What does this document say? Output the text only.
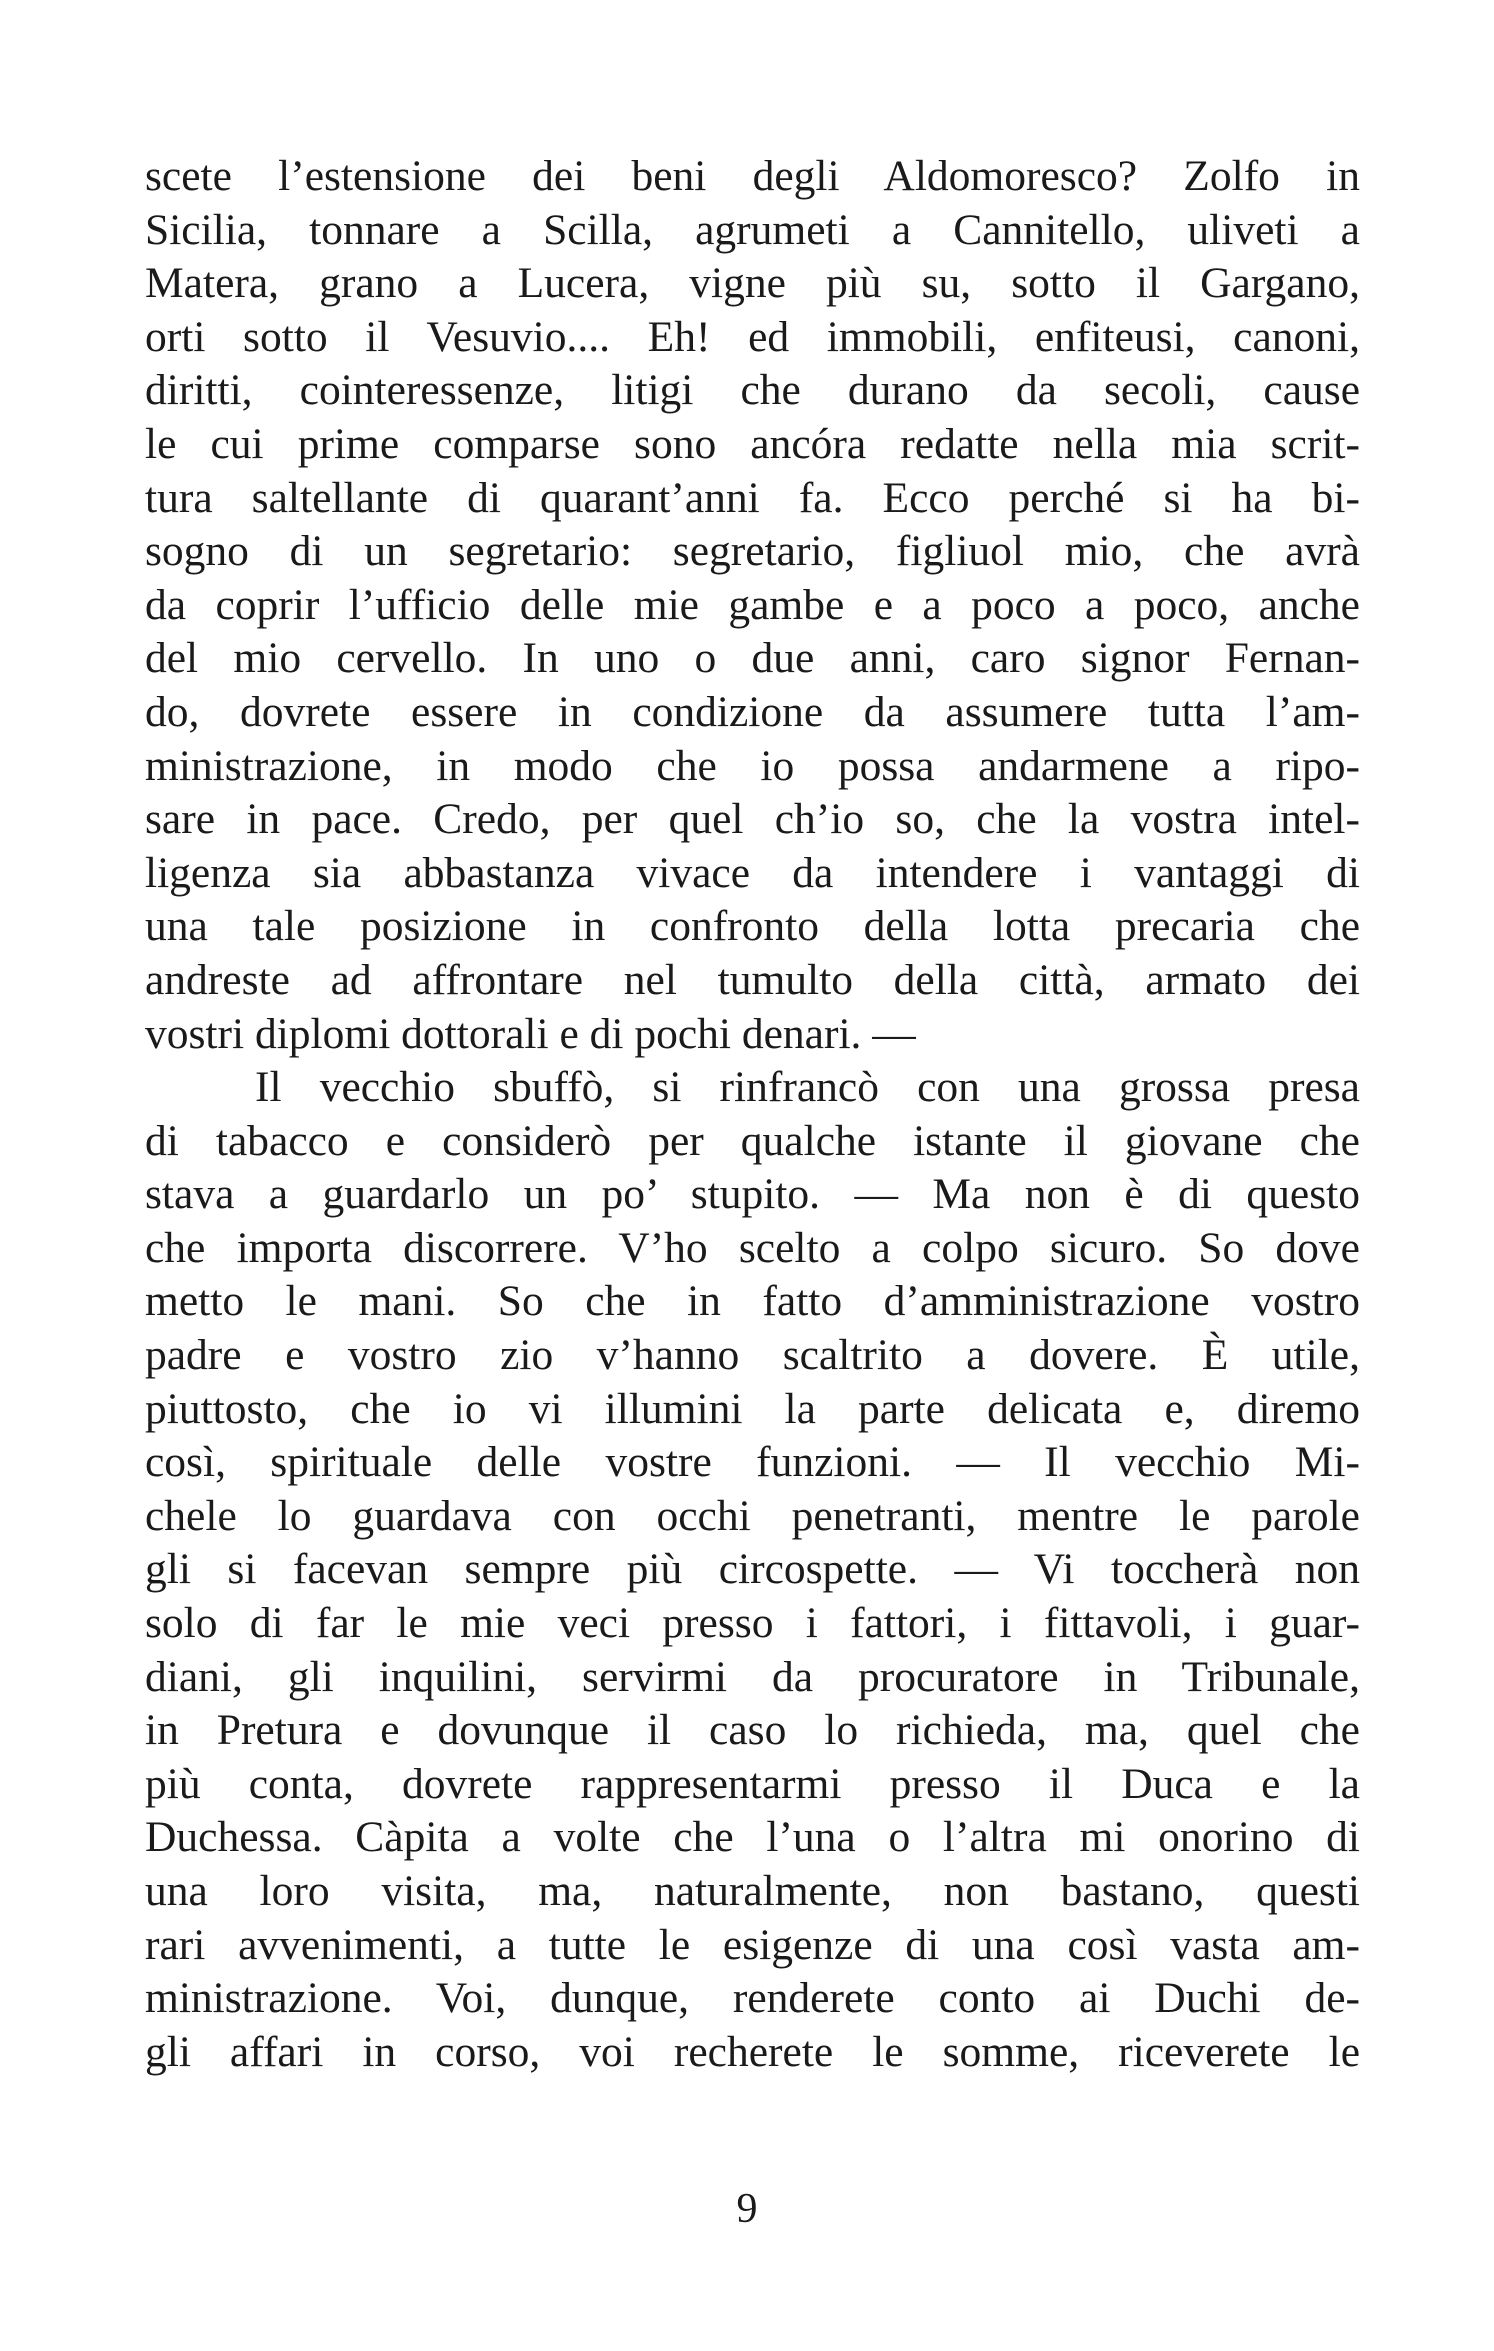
scete l’estensione dei beni degli Aldomoresco? Zolfo in
Sicilia, tonnare a Scilla, agrumeti a Cannitello, uliveti a
Matera, grano a Lucera, vigne più su, sotto il Gargano,
orti sotto il Vesuvio.... Eh! ed immobili, enfiteusi, canoni,
diritti, cointeressenze, litigi che durano da secoli, cause
le cui prime comparse sono ancóra redatte nella mia scrit-
tura saltellante di quarant’anni fa. Ecco perché si ha bi-
sogno di un segretario: segretario, figliuol mio, che avrà
da coprir l’ufficio delle mie gambe e a poco a poco, anche
del mio cervello. In uno o due anni, caro signor Fernan-
do, dovrete essere in condizione da assumere tutta l’am-
ministrazione, in modo che io possa andarmene a ripo-
sare in pace. Credo, per quel ch’io so, che la vostra intel-
ligenza sia abbastanza vivace da intendere i vantaggi di
una tale posizione in confronto della lotta precaria che
andreste ad affrontare nel tumulto della città, armato dei
vostri diplomi dottorali e di pochi denari. —
Il vecchio sbuffò, si rinfrancò con una grossa presa
di tabacco e considerò per qualche istante il giovane che
stava a guardarlo un po’ stupito. — Ma non è di questo
che importa discorrere. V’ho scelto a colpo sicuro. So dove
metto le mani. So che in fatto d’amministrazione vostro
padre e vostro zio v’hanno scaltrito a dovere. È utile,
piuttosto, che io vi illumini la parte delicata e, diremo
così, spirituale delle vostre funzioni. — Il vecchio Mi-
chele lo guardava con occhi penetranti, mentre le parole
gli si facevan sempre più circospette. — Vi toccherà non
solo di far le mie veci presso i fattori, i fittavoli, i guar-
diani, gli inquilini, servirmi da procuratore in Tribunale,
in Pretura e dovunque il caso lo richieda, ma, quel che
più conta, dovrete rappresentarmi presso il Duca e la
Duchessa. Càpita a volte che l’una o l’altra mi onorino di
una loro visita, ma, naturalmente, non bastano, questi
rari avvenimenti, a tutte le esigenze di una così vasta am-
ministrazione. Voi, dunque, renderete conto ai Duchi de-
gli affari in corso, voi recherete le somme, riceverete le
9
